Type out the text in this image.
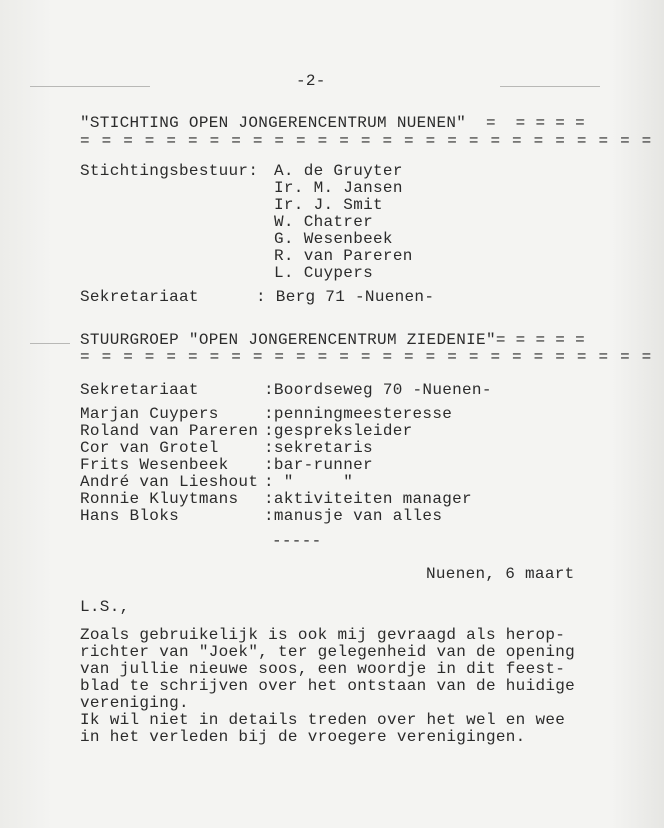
-2-
"STICHTING OPEN JONGERENCENTRUM NUENEN"  =  = = = =
= = = = = = = = = = = = = = = = = = = = = = = = = = =
Stichtingsbestuur: A. de Gruyter
Ir. M. Jansen
Ir. J. Smit
W. Chatrer
G. Wesenbeek
R. van Pareren
L. Cuypers
Sekretariaat	: Berg 71 -Nuenen-
STUURGROEP "OPEN JONGERENCENTRUM ZIEDENIE"= = = = =
= = = = = = = = = = = = = = = = = = = = = = = = = = =
Sekretariaat	:Boordseweg 70 -Nuenen-
Marjan Cuypers	:penningmeesteresse
Roland van Pareren :gespreksleider
Cor van Grotel	:sekretaris
Frits Wesenbeek :bar-runner
André van Lieshout : "     "
Ronnie Kluytmans :aktiviteiten manager
Hans Bloks	:manusje van alles
-----
Nuenen, 6 maart
L.S.,
Zoals gebruikelijk is ook mij gevraagd als herop-
richter van "Joek", ter gelegenheid van de opening
van jullie nieuwe soos, een woordje in dit feest-
blad te schrijven over het ontstaan van de huidige
vereniging.
Ik wil niet in details treden over het wel en wee
in het verleden bij de vroegere verenigingen.
